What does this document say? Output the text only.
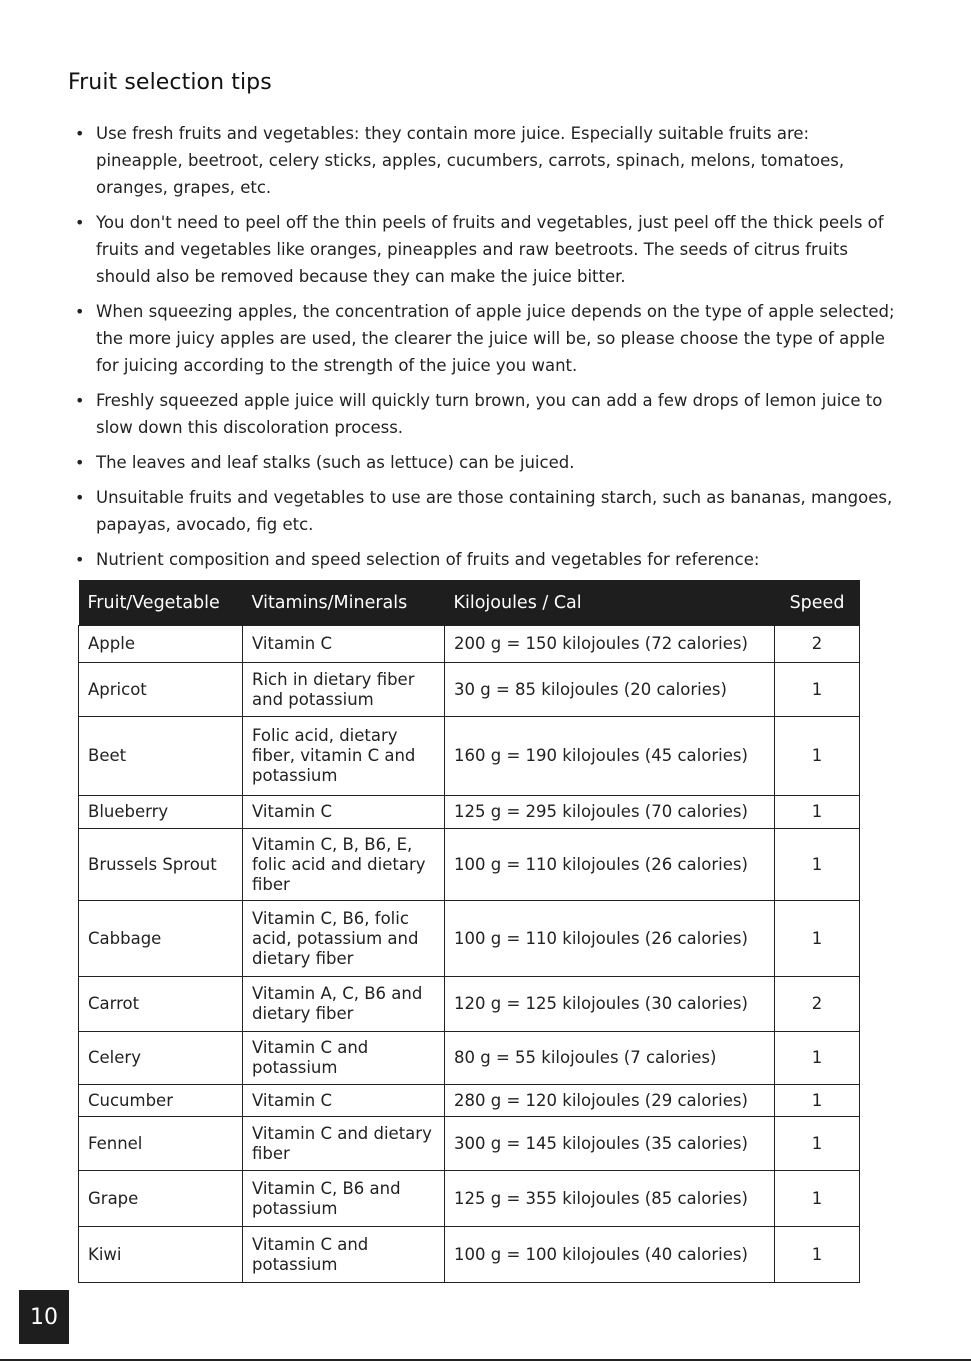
Fruit selection tips
• Use fresh fruits and vegetables: they contain more juice. Especially suitable fruits are: pineapple, beetroot, celery sticks, apples, cucumbers, carrots, spinach, melons, tomatoes, oranges, grapes, etc.
• You don't need to peel off the thin peels of fruits and vegetables, just peel off the thick peels of fruits and vegetables like oranges, pineapples and raw beetroots. The seeds of citrus fruits should also be removed because they can make the juice bitter.
• When squeezing apples, the concentration of apple juice depends on the type of apple selected; the more juicy apples are used, the clearer the juice will be, so please choose the type of apple for juicing according to the strength of the juice you want.
• Freshly squeezed apple juice will quickly turn brown, you can add a few drops of lemon juice to slow down this discoloration process.
• The leaves and leaf stalks (such as lettuce) can be juiced.
• Unsuitable fruits and vegetables to use are those containing starch, such as bananas, mangoes, papayas, avocado, fig etc.
• Nutrient composition and speed selection of fruits and vegetables for reference:
Fruit/Vegetable	Vitamins/Minerals	Kilojoules / Cal	Speed
Apple	Vitamin C	200 g = 150 kilojoules (72 calories)	2
Apricot	Rich in dietary fiber and potassium	30 g = 85 kilojoules (20 calories)	1
Beet	Folic acid, dietary fiber, vitamin C and potassium	160 g = 190 kilojoules (45 calories)	1
Blueberry	Vitamin C	125 g = 295 kilojoules (70 calories)	1
Brussels Sprout	Vitamin C, B, B6, E, folic acid and dietary fiber	100 g = 110 kilojoules (26 calories)	1
Cabbage	Vitamin C, B6, folic acid, potassium and dietary fiber	100 g = 110 kilojoules (26 calories)	1
Carrot	Vitamin A, C, B6 and dietary fiber	120 g = 125 kilojoules (30 calories)	2
Celery	Vitamin C and potassium	80 g = 55 kilojoules (7 calories)	1
Cucumber	Vitamin C	280 g = 120 kilojoules (29 calories)	1
Fennel	Vitamin C and dietary fiber	300 g = 145 kilojoules (35 calories)	1
Grape	Vitamin C, B6 and potassium	125 g = 355 kilojoules (85 calories)	1
Kiwi	Vitamin C and potassium	100 g = 100 kilojoules (40 calories)	1
10
